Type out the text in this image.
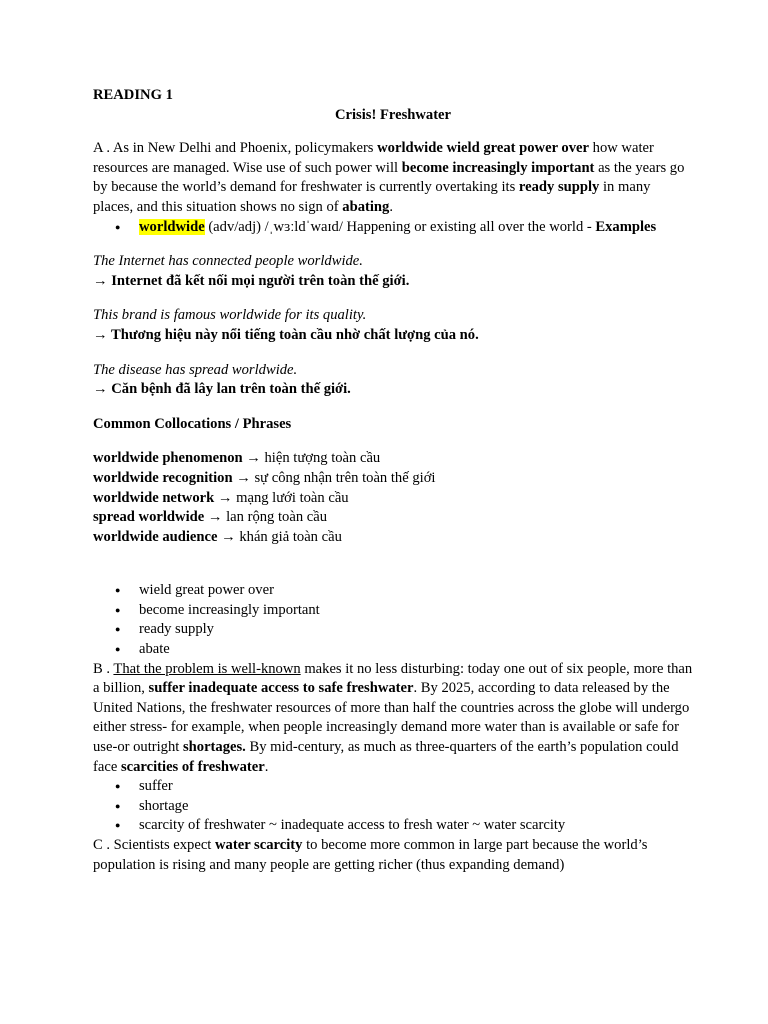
READING 1

Crisis! Freshwater

A . As in New Delhi and Phoenix, policymakers worldwide wield great power over how water resources are managed. Wise use of such power will become increasingly important as the years go by because the world’s demand for freshwater is currently overtaking its ready supply in many places, and this situation shows no sign of abating.

● worldwide (adv/adj) /ˌwɜːldˈwaɪd/ Happening or existing all over the world - Examples

The Internet has connected people worldwide.

→ Internet đã kết nối mọi người trên toàn thế giới.

This brand is famous worldwide for its quality.

→ Thương hiệu này nổi tiếng toàn cầu nhờ chất lượng của nó.

The disease has spread worldwide.

→ Căn bệnh đã lây lan trên toàn thế giới.

Common Collocations / Phrases

worldwide phenomenon → hiện tượng toàn cầu

worldwide recognition → sự công nhận trên toàn thế giới

worldwide network → mạng lưới toàn cầu

spread worldwide → lan rộng toàn cầu

worldwide audience → khán giả toàn cầu

● wield great power over
● become increasingly important
● ready supply
● abate

B . That the problem is well-known makes it no less disturbing: today one out of six people, more than a billion, suffer inadequate access to safe freshwater. By 2025, according to data released by the United Nations, the freshwater resources of more than half the countries across the globe will undergo either stress- for example, when people increasingly demand more water than is available or safe for use-or outright shortages. By mid-century, as much as three-quarters of the earth’s population could face scarcities of freshwater.

● suffer
● shortage
● scarcity of freshwater ~ inadequate access to fresh water ~ water scarcity

C . Scientists expect water scarcity to become more common in large part because the world’s population is rising and many people are getting richer (thus expanding demand)
